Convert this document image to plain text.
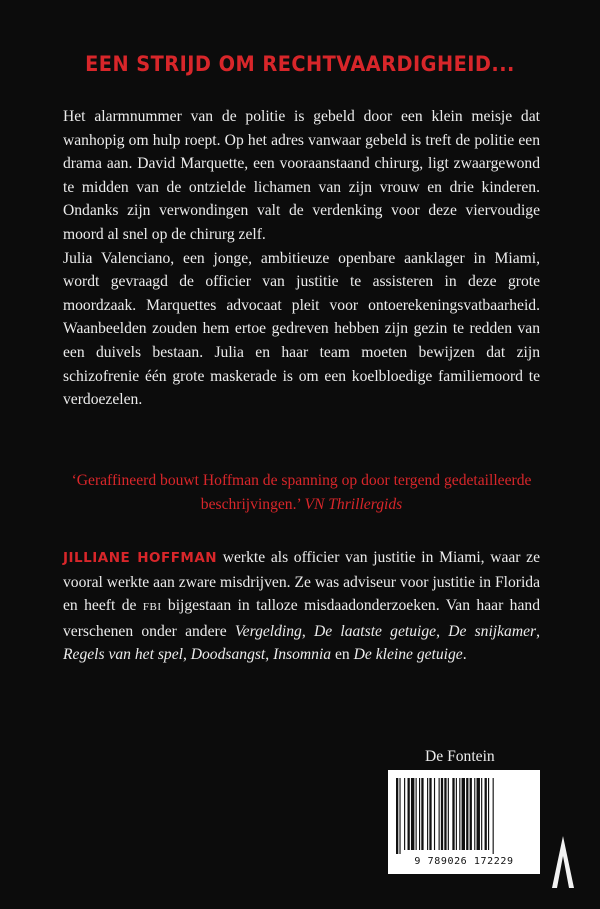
EEN STRIJD OM RECHTVAARDIGHEID...

Het alarmnummer van de politie is gebeld door een klein meisje dat wanhopig om hulp roept. Op het adres vanwaar gebeld is treft de politie een drama aan. David Marquette, een vooraanstaand chirurg, ligt zwaargewond te midden van de ontzielde lichamen van zijn vrouw en drie kinderen. Ondanks zijn verwondingen valt de verdenking voor deze viervoudige moord al snel op de chirurg zelf.

Julia Valenciano, een jonge, ambitieuze openbare aanklager in Miami, wordt gevraagd de officier van justitie te assisteren in deze grote moordzaak. Marquettes advocaat pleit voor ontoerekeningsvatbaarheid. Waanbeelden zouden hem ertoe gedreven hebben zijn gezin te redden van een duivels bestaan. Julia en haar team moeten bewijzen dat zijn schizofrenie één grote maskerade is om een koelbloedige familiemoord te verdoezelen.

‘Geraffineerd bouwt Hoffman de spanning op door tergend gedetailleerde beschrijvingen.’ VN Thrillergids
JILLIANE HOFFMAN werkte als officier van justitie in Miami, waar ze vooral werkte aan zware misdrijven. Ze was adviseur voor justitie in Florida en heeft de FBI bijgestaan in talloze misdaadonderzoeken. Van haar hand verschenen onder andere Vergelding, De laatste getuige, De snijkamer, Regels van het spel, Doodsangst, Insomnia en De kleine getuige.
De Fontein
9 789026 172229
